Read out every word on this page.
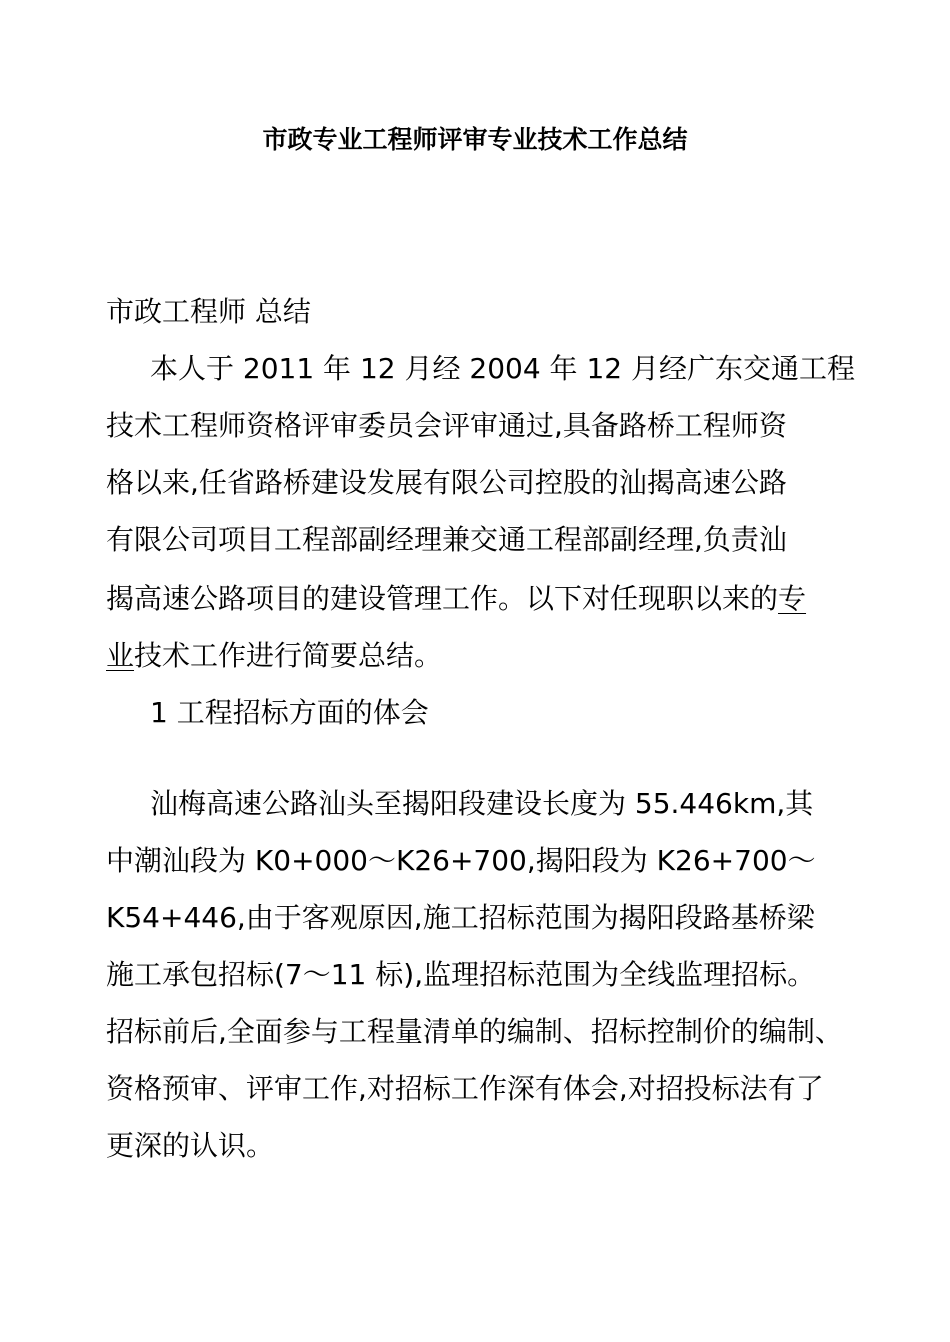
市政专业工程师评审专业技术工作总结
市政工程师 总结
本人于 2011 年 12 月经 2004 年 12 月经广东交通工程
技术工程师资格评审委员会评审通过,具备路桥工程师资
格以来,任省路桥建设发展有限公司控股的汕揭高速公路
有限公司项目工程部副经理兼交通工程部副经理,负责汕
揭高速公路项目的建设管理工作。以下对任现职以来的专
业技术工作进行简要总结。
1 工程招标方面的体会
汕梅高速公路汕头至揭阳段建设长度为 55.446km,其
中潮汕段为 K0+000～K26+700,揭阳段为 K26+700～
K54+446,由于客观原因,施工招标范围为揭阳段路基桥梁
施工承包招标(7～11 标),监理招标范围为全线监理招标。
招标前后,全面参与工程量清单的编制、招标控制价的编制、
资格预审、评审工作,对招标工作深有体会,对招投标法有了
更深的认识。
